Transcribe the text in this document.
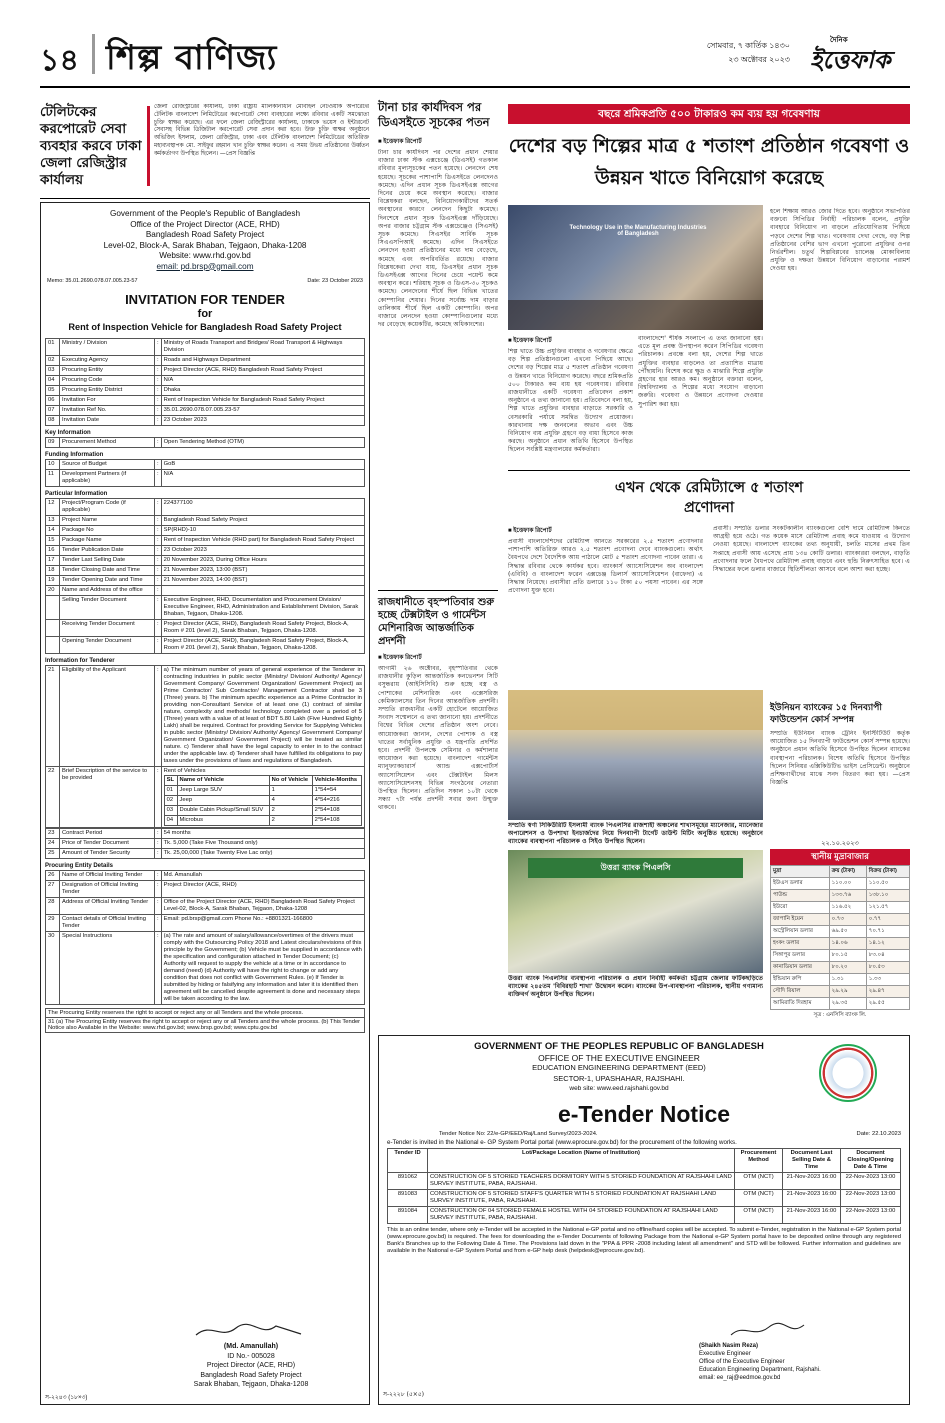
১৪ শিল্প বাণিজ্য	সোমবার, ৭ কার্তিক ১৪৩০
২৩ অক্টোবর ২০২৩
দৈনিক
ইত্তেফাক
টেলিটকের করপোরেট সেবা ব্যবহার করবে ঢাকা জেলা রেজিস্ট্রার কার্যালয়
জেলা রেজিস্ট্রারের কার্যালয়, ঢাকা রাষ্ট্রীয় মালিকানাধীন মোবাইল নেটওয়ার্ক অপারেটর টেলিটক বাংলাদেশ লিমিটেডের করপোরেট সেবা ব্যবহারের লক্ষ্যে রবিবার একটি সমঝোতা চুক্তি স্বাক্ষর করেছে। এর ফলে জেলা রেজিস্ট্রারের কার্যালয়, ঢাকাকে ভয়েস ও ইন্টারনেট সেবাসহ বিভিন্ন ডিজিটাল করপোরেট সেবা প্রদান করা হবে। উক্ত চুক্তি স্বাক্ষর অনুষ্ঠানে অভিজিৎ ইসলাম, জেলা রেজিস্ট্রার, ঢাকা এবং টেলিটক বাংলাদেশ লিমিটেডের অতিরিক্ত মহাব্যবস্থাপক মো. সাইফুর রহমান খান চুক্তি স্বাক্ষর করেন। এ সময় উভয় প্রতিষ্ঠানের উর্ধ্বতন কর্মকর্তাগণ উপস্থিত ছিলেন। —প্রেস বিজ্ঞপ্তি
Government of the People's Republic of Bangladesh
Office of the Project Director (ACE, RHD)
Bangladesh Road Safety Project
Level-02, Block-A, Sarak Bhaban, Tejgaon, Dhaka-1208
Website: www.rhd.gov.bd
email: pd.brsp@gmail.com
Memo: 35.01.2690.078.07.005.23-57	Date: 23 October 2023
INVITATION FOR TENDER
for
Rent of Inspection Vehicle for Bangladesh Road Safety Project
01	Ministry / Division	:	Ministry of Roads Transport and Bridges/ Road Transport & Highways Division
02	Executing Agency	:	Roads and Highways Department
03	Procuring Entity	:	Project Director (ACE, RHD) Bangladesh Road Safety Project
04	Procuring Code	:	N/A
05	Procuring Entity District	:	Dhaka
06	Invitation For	:	Rent of Inspection Vehicle for Bangladesh Road Safety Project
07	Invitation Ref No.	:	35.01.2690.078.07.005.23-57
08	Invitation Date	:	23 October 2023
Key Information
09	Procurement Method	:	Open Tendering Method (OTM)
Funding Information
10	Source of Budget	:	GoB
11	Development Partners (if applicable)	:	N/A
Particular Information
12	Project/Program Code (if applicable)	:	224377100
13	Project Name	:	Bangladesh Road Safety Project
14	Package No	:	SP(RHD)-10
15	Package Name	:	Rent of Inspection Vehicle (RHD part) for Bangladesh Road Safety Project
16	Tender Publication Date	:	23 October 2023
17	Tender Last Selling Date	:	20 November 2023, During Office Hours
18	Tender Closing Date and Time	:	21 November 2023, 13:00 (BST)
19	Tender Opening Date and Time	:	21 November 2023, 14:00 (BST)
20	Name and Address of the office	:	
	Selling Tender Document	:	Executive Engineer, RHD, Documentation and Procurement Division/ Executive Engineer, RHD, Administration and Establishment Division, Sarak Bhaban, Tejgaon, Dhaka-1208.
	Receiving Tender Document	:	Project Director (ACE, RHD), Bangladesh Road Safety Project, Block-A, Room # 201 (level 2), Sarak Bhaban, Tejgaon, Dhaka-1208.
	Opening Tender Document	:	Project Director (ACE, RHD), Bangladesh Road Safety Project, Block-A, Room # 201 (level 2), Sarak Bhaban, Tejgaon, Dhaka-1208.
Information for Tenderer
21	Eligibility of the Applicant	:	a) The minimum number of years of general experience of the Tenderer in contracting industries in public sector (Ministry/ Division/ Authority/ Agency/ Government Company/ Government Organization/ Government Project) as Prime Contractor/ Sub Contractor/ Management Contractor shall be 3 (Three) years. b) The minimum specific experience as a Prime Contractor in providing non-Consultant Service of at least one (1) contract of similar nature, complexity and methods/ technology completed over a period of 5 (Three) years with a value of at least of BDT 5.80 Lakh (Five Hundred Eighty Lakh) shall be required. Contract for providing Service for Supplying Vehicles in public sector (Ministry/ Division/ Authority/ Agency/ Government Company/ Government Organization/ Government Project) will be treated as similar nature. c) Tenderer shall have the legal capacity to enter in to the contract under the applicable law. d) Tenderer shall have fulfilled its obligations to pay taxes under the provisions of laws and regulations of Bangladesh.
22	Brief Description of the service to be provided	:	Rent of Vehicles
SL	Name of Vehicle	No of Vehicle	Vehicle-Months
01	Jeep Large SUV	1	1*54=54
02	Jeep	4	4*54=216
03	Double Cabin Pickup/Small SUV	2	2*54=108
04	Microbus	2	2*54=108
23	Contract Period	:	54 months
24	Price of Tender Document	:	Tk. 5,000 (Take Five Thousand only)
25	Amount of Tender Security	:	Tk. 25,00,000 (Take Twenty Five Lac only)
Procuring Entity Details
26	Name of Official Inviting Tender	:	Md. Amanullah
27	Designation of Official Inviting Tender	:	Project Director (ACE, RHD)
28	Address of Official Inviting Tender	:	Office of the Project Director (ACE, RHD) Bangladesh Road Safety Project Level-02, Block-A, Sarak Bhaban, Tejgaon, Dhaka-1208
29	Contact details of Official Inviting Tender	:	Email: pd.brsp@gmail.com Phone No.: +8801321-166800
30	Special Instructions	:	(a) The rate and amount of salary/allowance/overtimes of the drivers must comply with the Outsourcing Policy 2018 and Latest circulars/revisions of this principle by the Government; (b) Vehicle must be supplied in accordance with the specification and configuration attached in Tender Document; (c) Authority will request to supply the vehicle at a time or in accordance to demand (need) (d) Authority will have the right to change or add any condition that does not conflict with Government Rules. (e) If Tender is submitted by hiding or falsifying any information and later it is identified then agreement will be cancelled despite agreement is done and necessary steps will be taken according to the law.
The Procuring Entity reserves the right to accept or reject any or all Tenders and the whole process.
31 (a) The Procuring Entity reserves the right to accept or reject any or all Tenders and the whole process. (b) This Tender Notice also Available in the Website: www.rhd.gov.bd; www.brsp.gov.bd; www.cptu.gov.bd
(Md. Amanullah)
ID No.- 005028
Project Director (ACE, RHD)
Bangladesh Road Safety Project
Sarak Bhaban, Tejgaon, Dhaka-1208
স-২২৪৩ (১৮×৩)
টানা চার কার্যদিবস পর ডিএসইতে সূচকের পতন
■ ইত্তেফাক রিপোর্ট
টানা চার কার্যদিবস পর দেশের প্রধান শেয়ার বাজার ঢাকা স্টক এক্সচেঞ্জে (ডিএসই) গতকাল রবিবার মূল্যসূচকের পতন হয়েছে। লেনদেন শেষ হয়েছে। সূচকের পাশাপাশি ডিএসইতে লেনদেনও কমেছে। এদিন প্রধান সূচক ডিএসইএক্স আগের দিনের চেয়ে কমে অবস্থান করেছে। বাজার বিশ্লেষকরা বলছেন, বিনিয়োগকারীদের সতর্ক অবস্থানের কারণে লেনদেন কিছুটা কমেছে। দিনশেষে প্রধান সূচক ডিএসইএক্স দাঁড়িয়েছে। অপর বাজার চট্টগ্রাম স্টক এক্সচেঞ্জেও (সিএসই) সূচক কমেছে। সিএসইর সার্বিক সূচক সিএএসপিআই কমেছে। এদিন সিএসইতে লেনদেন হওয়া প্রতিষ্ঠানের মধ্যে দাম বেড়েছে, কমেছে এবং অপরিবর্তিত রয়েছে। বাজার বিশ্লেষকেরা দেখা যায়, ডিএসইর প্রধান সূচক ডিএসইএক্স আগের দিনের চেয়ে পয়েন্ট কমে অবস্থান করে। শরিয়াহ সূচক ও ডিএস-৩০ সূচকও কমেছে। লেনদেনের শীর্ষে ছিল বিভিন্ন খাতের কোম্পানির শেয়ার। দিনের সর্বোচ্চ দাম বাড়ার তালিকায় শীর্ষে ছিল একটি কোম্পানি। অপর বাজারে লেনদেন হওয়া কোম্পানিগুলোর মধ্যে দর বেড়েছে কয়েকটির, কমেছে অধিকাংশের।
রাজধানীতে বৃহস্পতিবার শুরু হচ্ছে টেক্সটাইল ও গার্মেন্টস মেশিনারিজ আন্তর্জাতিক প্রদর্শনী
■ ইত্তেফাক রিপোর্ট
আগামী ২৬ অক্টোবর, বৃহস্পতিবার থেকে রাজধানীর কুড়িল আন্তর্জাতিক কনভেনশন সিটি বসুন্ধরায় (আইসিসিবি) শুরু হচ্ছে বস্ত্র ও পোশাকের মেশিনারিজ এবং এক্সেসরিজ কেমিক্যালসের তিন দিনের আন্তর্জাতিক প্রদর্শনী। সম্প্রতি রাজধানীর একটি হোটেলে আয়োজিত সংবাদ সম্মেলনে এ তথ্য জানানো হয়। প্রদর্শনীতে বিশ্বের বিভিন্ন দেশের প্রতিষ্ঠান অংশ নেবে। আয়োজকরা জানান, দেশের পোশাক ও বস্ত্র খাতের সর্বাধুনিক প্রযুক্তি ও যন্ত্রপাতি প্রদর্শিত হবে। প্রদর্শনী উপলক্ষে সেমিনার ও কর্মশালার আয়োজন করা হয়েছে। বাংলাদেশ গার্মেন্টস ম্যানুফ্যাকচারার্স অ্যান্ড এক্সপোর্টার্স অ্যাসোসিয়েশন এবং টেক্সটাইল মিলস অ্যাসোসিয়েশনসহ বিভিন্ন সংগঠনের নেতারা উপস্থিত ছিলেন। প্রতিদিন সকাল ১০টা থেকে সন্ধ্যা ৭টা পর্যন্ত প্রদর্শনী সবার জন্য উন্মুক্ত থাকবে।
বছরে শ্রমিকপ্রতি ৫০০ টাকারও কম ব্যয় হয় গবেষণায়
দেশের বড় শিল্পের মাত্র ৫ শতাংশ প্রতিষ্ঠান গবেষণা ও উন্নয়ন খাতে বিনিয়োগ করেছে
Technology Use in the Manufacturing Industries of Bangladesh
■ ইত্তেফাক রিপোর্ট
শিল্প খাতে উচ্চ প্রযুক্তির ব্যবহার ও গবেষণার ক্ষেত্রে বড় শিল্প প্রতিষ্ঠানগুলো এখনো পিছিয়ে আছে। দেশের বড় শিল্পের মাত্র ৫ শতাংশ প্রতিষ্ঠান গবেষণা ও উন্নয়ন খাতে বিনিয়োগ করেছে। বছরে শ্রমিকপ্রতি ৫০০ টাকারও কম ব্যয় হয় গবেষণায়। রবিবার রাজধানীতে একটি গবেষণা প্রতিবেদন প্রকাশ অনুষ্ঠানে এ তথ্য জানানো হয়। প্রতিবেদনে বলা হয়, শিল্প খাতে প্রযুক্তির ব্যবহার বাড়াতে সরকারি ও বেসরকারি পর্যায়ে সমন্বিত উদ্যোগ প্রয়োজন। কারখানায় দক্ষ জনবলের অভাব এবং উচ্চ বিনিয়োগ ব্যয় প্রযুক্তি গ্রহণে বড় বাধা হিসেবে কাজ করছে। অনুষ্ঠানে প্রধান অতিথি হিসেবে উপস্থিত ছিলেন সংশ্লিষ্ট মন্ত্রণালয়ের কর্মকর্তারা।
বাংলাদেশে' শীর্ষক সংলাপে এ তথ্য জানানো হয়। এতে মূল প্রবন্ধ উপস্থাপন করেন সিপিডির গবেষণা পরিচালক। প্রবন্ধে বলা হয়, দেশের শিল্প খাতে প্রযুক্তির ব্যবহার বাড়লেও তা প্রত্যাশিত মাত্রায় পৌঁছায়নি। বিশেষ করে ক্ষুদ্র ও মাঝারি শিল্পে প্রযুক্তি গ্রহণের হার আরও কম। অনুষ্ঠানে বক্তারা বলেন, বিশ্ববিদ্যালয় ও শিল্পের মধ্যে সংযোগ বাড়ানো জরুরি। গবেষণা ও উন্নয়নে প্রণোদনা দেওয়ার সুপারিশ করা হয়।
হলে শিক্ষায় আরও জোর দিতে হবে। অনুষ্ঠানে সভাপতির বক্তব্যে সিপিডির নির্বাহী পরিচালক বলেন, প্রযুক্তি ব্যবহারে বিনিয়োগ না বাড়লে প্রতিযোগিতায় পিছিয়ে পড়বে দেশের শিল্প খাত। গবেষণায় দেখা গেছে, বড় শিল্প প্রতিষ্ঠানের বেশির ভাগ এখনো পুরোনো প্রযুক্তির ওপর নির্ভরশীল। চতুর্থ শিল্পবিপ্লবের চ্যালেঞ্জ মোকাবিলায় প্রযুক্তি ও দক্ষতা উন্নয়নে বিনিয়োগ বাড়ানোর পরামর্শ দেওয়া হয়।
এখন থেকে রেমিট্যান্সে ৫ শতাংশ প্রণোদনা
■ ইত্তেফাক রিপোর্ট
প্রবাসী বাংলাদেশিদের রেমিট্যান্স আনতে সরকারের ২.৫ শতাংশ প্রণোদনার পাশাপাশি অতিরিক্ত আরও ২.৫ শতাংশ প্রণোদনা দেবে ব্যাংকগুলো। অর্থাৎ বৈধপথে দেশে বৈদেশিক আয় পাঠালে মোট ৫ শতাংশ প্রণোদনা পাবেন তারা। এ সিদ্ধান্ত রবিবার থেকে কার্যকর হবে। ব্যাংকার্স অ্যাসোসিয়েশন অব বাংলাদেশ (এবিবি) ও বাংলাদেশ ফরেন এক্সচেঞ্জ ডিলার্স অ্যাসোসিয়েশন (বাফেদা) এ সিদ্ধান্ত নিয়েছে। প্রবাসীরা প্রতি ডলারে ১১০ টাকা ৫০ পয়সা পাবেন। এর সঙ্গে প্রণোদনা যুক্ত হবে।
প্রবাসী। সম্প্রতি ডলার সংকটকালীন ব্যাংকগুলো বেশি দামে রেমিট্যান্স কিনতে আগ্রহী হয়ে ওঠে। গত কয়েক মাসে রেমিট্যান্স প্রবাহ কমে যাওয়ায় এ উদ্যোগ নেওয়া হয়েছে। বাংলাদেশ ব্যাংকের তথ্য অনুযায়ী, চলতি মাসের প্রথম তিন সপ্তাহে প্রবাসী আয় এসেছে প্রায় ১৩৪ কোটি ডলার। ব্যাংকাররা বলছেন, বাড়তি প্রণোদনার ফলে বৈধপথে রেমিট্যান্স প্রবাহ বাড়বে এবং হুন্ডি নিরুৎসাহিত হবে। এ সিদ্ধান্তের ফলে ডলার বাজারে স্থিতিশীলতা আসবে বলে আশা করা হচ্ছে।
সম্প্রতি স্বর্ণা সিকিউরিটি ইসলামী ব্যাংক পিএলসির রাজশাহী অঞ্চলের শাখাসমূহের ম্যানেজার, ম্যানেজার অপারেশনস ও উপশাখা ইনচার্জদের নিয়ে দিনব্যাপী টার্গেট ডাউন্ট মিটিং অনুষ্ঠিত হয়েছে। অনুষ্ঠানে ব্যাংকের ব্যবস্থাপনা পরিচালক ও সিইও উপস্থিত ছিলেন।
উত্তরা ব্যাংক পিএলসি
উত্তরা ব্যাংক পিএলসির ব্যবস্থাপনা পরিচালক ও প্রধান নির্বাহী কর্মকর্তা চট্টগ্রাম জেলার ফটিকছড়িতে ব্যাংকের ২৪৫তম 'বিবিরহাট শাখা' উদ্বোধন করেন। ব্যাংকের উপ-ব্যবস্থাপনা পরিচালক, স্থানীয় গণ্যমান্য ব্যক্তিবর্গ অনুষ্ঠানে উপস্থিত ছিলেন।
ইউনিয়ন ব্যাংকের ১৫ দিনব্যাপী ফাউন্ডেশন কোর্স সম্পন্ন
সম্প্রতি ইউনিয়ন ব্যাংক ট্রেনিং ইনস্টিটিউট কর্তৃক আয়োজিত ১৫ দিনব্যাপী ফাউন্ডেশন কোর্স সম্পন্ন হয়েছে। অনুষ্ঠানে প্রধান অতিথি হিসেবে উপস্থিত ছিলেন ব্যাংকের ব্যবস্থাপনা পরিচালক। বিশেষ অতিথি হিসেবে উপস্থিত ছিলেন সিনিয়র এক্সিকিউটিভ ভাইস প্রেসিডেন্ট। অনুষ্ঠানে প্রশিক্ষণার্থীদের মাঝে সনদ বিতরণ করা হয়। —প্রেস বিজ্ঞপ্তি
২২.১০.২০২৩
স্থানীয় মুদ্রাবাজার
মুদ্রা	ক্রয় (টাকা)	বিক্রয় (টাকা)
ইউএস ডলার	১১০.০০	১১০.৫০
পাউন্ড	১৩৩.৭৬	১৩৮.১০
ইউরো	১১৬.৫২	১২১.৫৭
জাপানি ইয়েন	০.৭৩	০.৭৭
অস্ট্রেলিয়ান ডলার	৬৯.৫০	৭০.৭১
হংকং ডলার	১৪.০৬	১৪.১২
সিঙ্গাপুর ডলার	৮০.১৫	৮৩.০৪
কানাডিয়ান ডলার	৮০.২০	৮০.৫৩
ইন্ডিয়ান রুপি	১.৩১	১.৩৩
সৌদি রিয়াল	২৯.২৯	২৯.৪৭
আমিরাতি দিরহাম	২৯.৩৫	২৯.৫৫
সূত্র : এনসিসি ব্যাংক লি.
GOVERNMENT OF THE PEOPLES REPUBLIC OF BANGLADESH
OFFICE OF THE EXECUTIVE ENGINEER
EDUCATION ENGINEERING DEPARTMENT (EED)
SECTOR-1, UPASHAHAR, RAJSHAHI.
web site: www.eed.rajshahi.gov.bd
e-Tender Notice
Tender Notice No: 22/e-GP/EED/Raj/Land Survey/2023-2024.	Date: 22.10.2023
e-Tender is invited in the National e- GP System Portal portal (www.eprocure.gov.bd) for the procurement of the following works.
Tender ID	Lot/Package Location (Name of Institution)	Procurement Method	Document Last Selling Date & Time	Document Closing/Opening Date & Time
891062	CONSTRUCTION OF 5 STORIED TEACHERS DORMITORY WITH 5 STORIED FOUNDATION AT RAJSHAHI LAND SURVEY INSTITUTE, PABA, RAJSHAHI.	OTM (NCT)	21-Nov-2023 16:00	22-Nov-2023 13:00
891083	CONSTRUCTION OF 5 STORIED STAFF'S QUARTER WITH 5 STORIED FOUNDATION AT RAJSHAHI LAND SURVEY INSTITUTE, PABA, RAJSHAHI.	OTM (NCT)	21-Nov-2023 16:00	22-Nov-2023 13:00
891084	CONSTRUCTION OF 04 STORIED FEMALE HOSTEL WITH 04 STORIED FOUNDATION AT RAJSHAHI LAND SURVEY INSTITUTE, PABA, RAJSHAHI.	OTM (NCT)	21-Nov-2023 16:00	22-Nov-2023 13:00
This is an online tender, where only e-Tender will be accepted in the National e-GP portal and no offline/hard copies will be accepted. To submit e-Tender, registration in the National e-GP System portal (www.eprocure.gov.bd) is required. The fees for downloading the e-Tender Documents of following Package from the National e-GP System portal have to be deposited online through any registered Bank's Branches up to the Following Date & Time. The Provisions laid down in the "PPA & PPR -2008 including latest all amendment" and STD will be followed. Further information and guidelines are available in the National e-GP System Portal and from e-GP help desk (helpdesk@eprocure.gov.bd).
(Shaikh Nasim Reza)
Executive Engineer
Office of the Executive Engineer
Education Engineering Department, Rajshahi.
email: ee_raj@eedmoe.gov.bd
স-২২২৮ (৫×৫)
